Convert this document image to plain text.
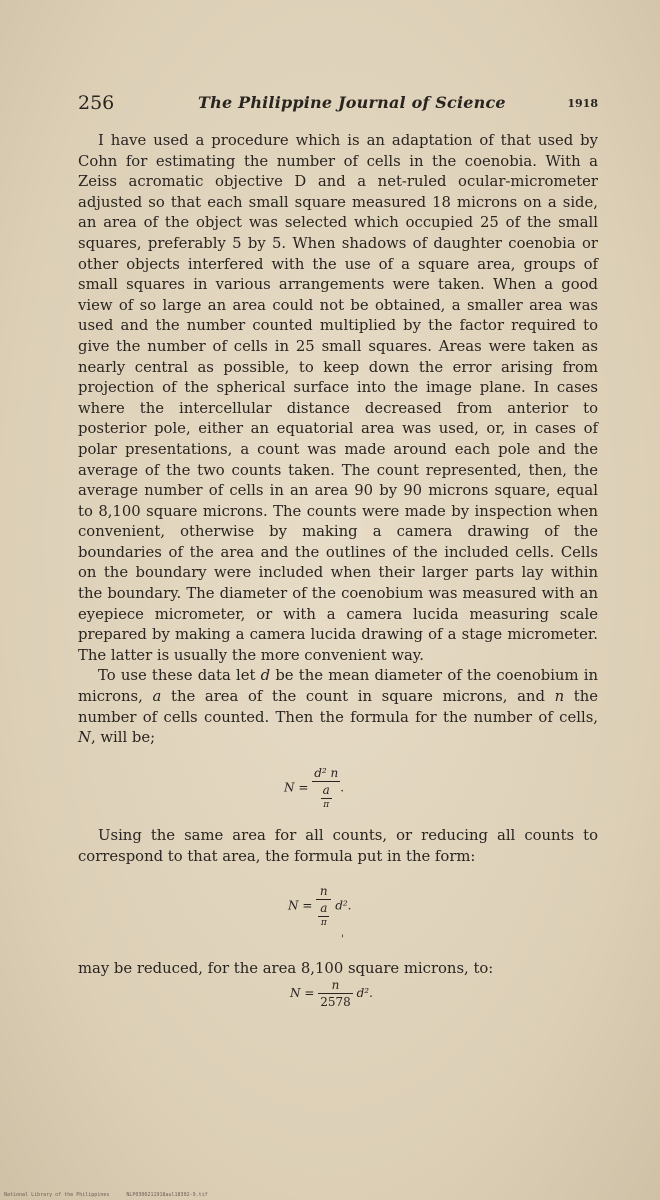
256	The Philippine Journal of Science	1918

I have used a procedure which is an adaptation of that used by Cohn for estimating the number of cells in the coenobia. With a Zeiss acromatic objective D and a net-ruled ocular-micrometer adjusted so that each small square measured 18 microns on a side, an area of the object was selected which occupied 25 of the small squares, preferably 5 by 5. When shadows of daughter coenobia or other objects interfered with the use of a square area, groups of small squares in various arrangements were taken. When a good view of so large an area could not be obtained, a smaller area was used and the number counted multiplied by the factor required to give the number of cells in 25 small squares. Areas were taken as nearly central as possible, to keep down the error arising from projection of the spherical surface into the image plane. In cases where the intercellular distance decreased from anterior to posterior pole, either an equatorial area was used, or, in cases of polar presentations, a count was made around each pole and the average of the two counts taken. The count represented, then, the average number of cells in an area 90 by 90 microns square, equal to 8,100 square microns. The counts were made by inspection when convenient, otherwise by making a camera drawing of the boundaries of the area and the outlines of the included cells. Cells on the boundary were included when their larger parts lay within the boundary. The diameter of the coenobium was measured with an eyepiece micrometer, or with a camera lucida measuring scale prepared by making a camera lucida drawing of a stage micrometer. The latter is usually the more convenient way.

To use these data let d be the mean diameter of the coenobium in microns, a the area of the count in square microns, and n the number of cells counted. Then the formula for the number of cells, N, will be;

$N = \frac{\text{d² n}}{\frac{a}{\pi}}$ .

Using the same area for all counts, or reducing all counts to correspond to that area, the formula put in the form:

$N = \frac{n}{\frac{a}{\pi}} d^2$.
'

may be reduced, for the area 8,100 square microns, to:

$N = \frac{n}{2578} d^2$.
National Library of the Philippines	NLP0300211918aul18302-9.tif
